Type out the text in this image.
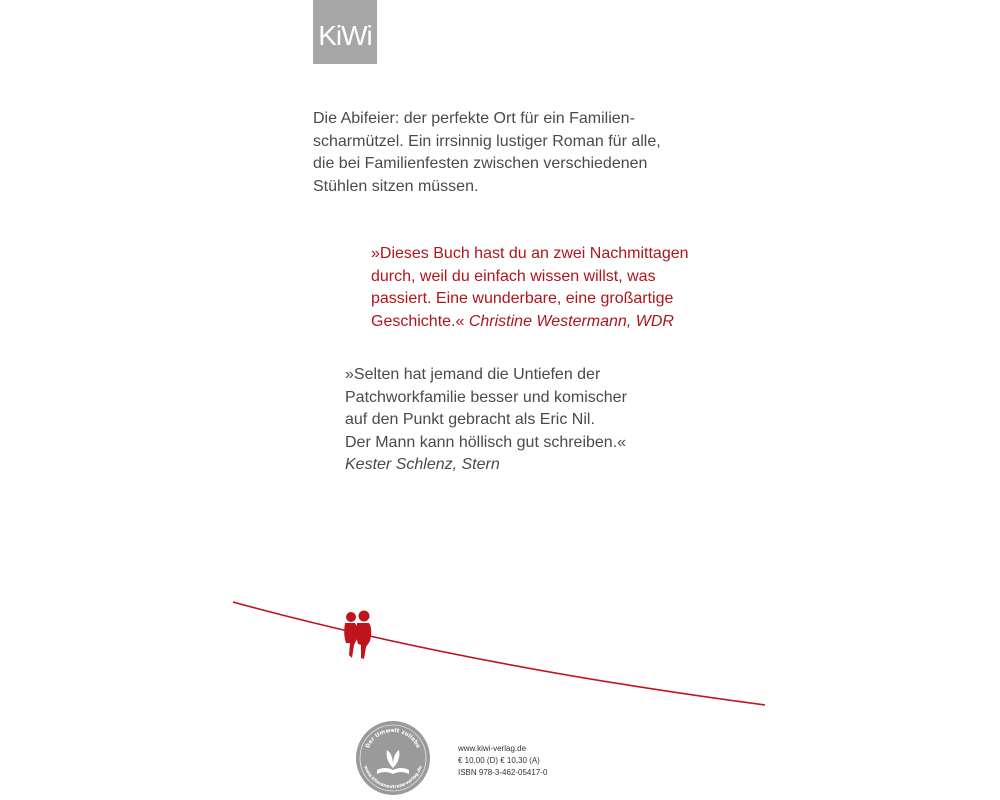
KiWi
Die Abifeier: der perfekte Ort für ein Familien-
scharmützel. Ein irrsinnig lustiger Roman für alle,
die bei Familienfesten zwischen verschiedenen
Stühlen sitzen müssen.
»Dieses Buch hast du an zwei Nachmittagen
durch, weil du einfach wissen willst, was
passiert. Eine wunderbare, eine großartige
Geschichte.« Christine Westermann, WDR
»Selten hat jemand die Untiefen der
Patchworkfamilie besser und komischer
auf den Punkt gebracht als Eric Nil.
Der Mann kann höllisch gut schreiben.«
Kester Schlenz, Stern
Der Umwelt zuliebe
www.klimaneutralerverlag.de
www.kiwi-verlag.de
€ 10,00 (D) € 10,30 (A)
ISBN 978-3-462-05417-0
